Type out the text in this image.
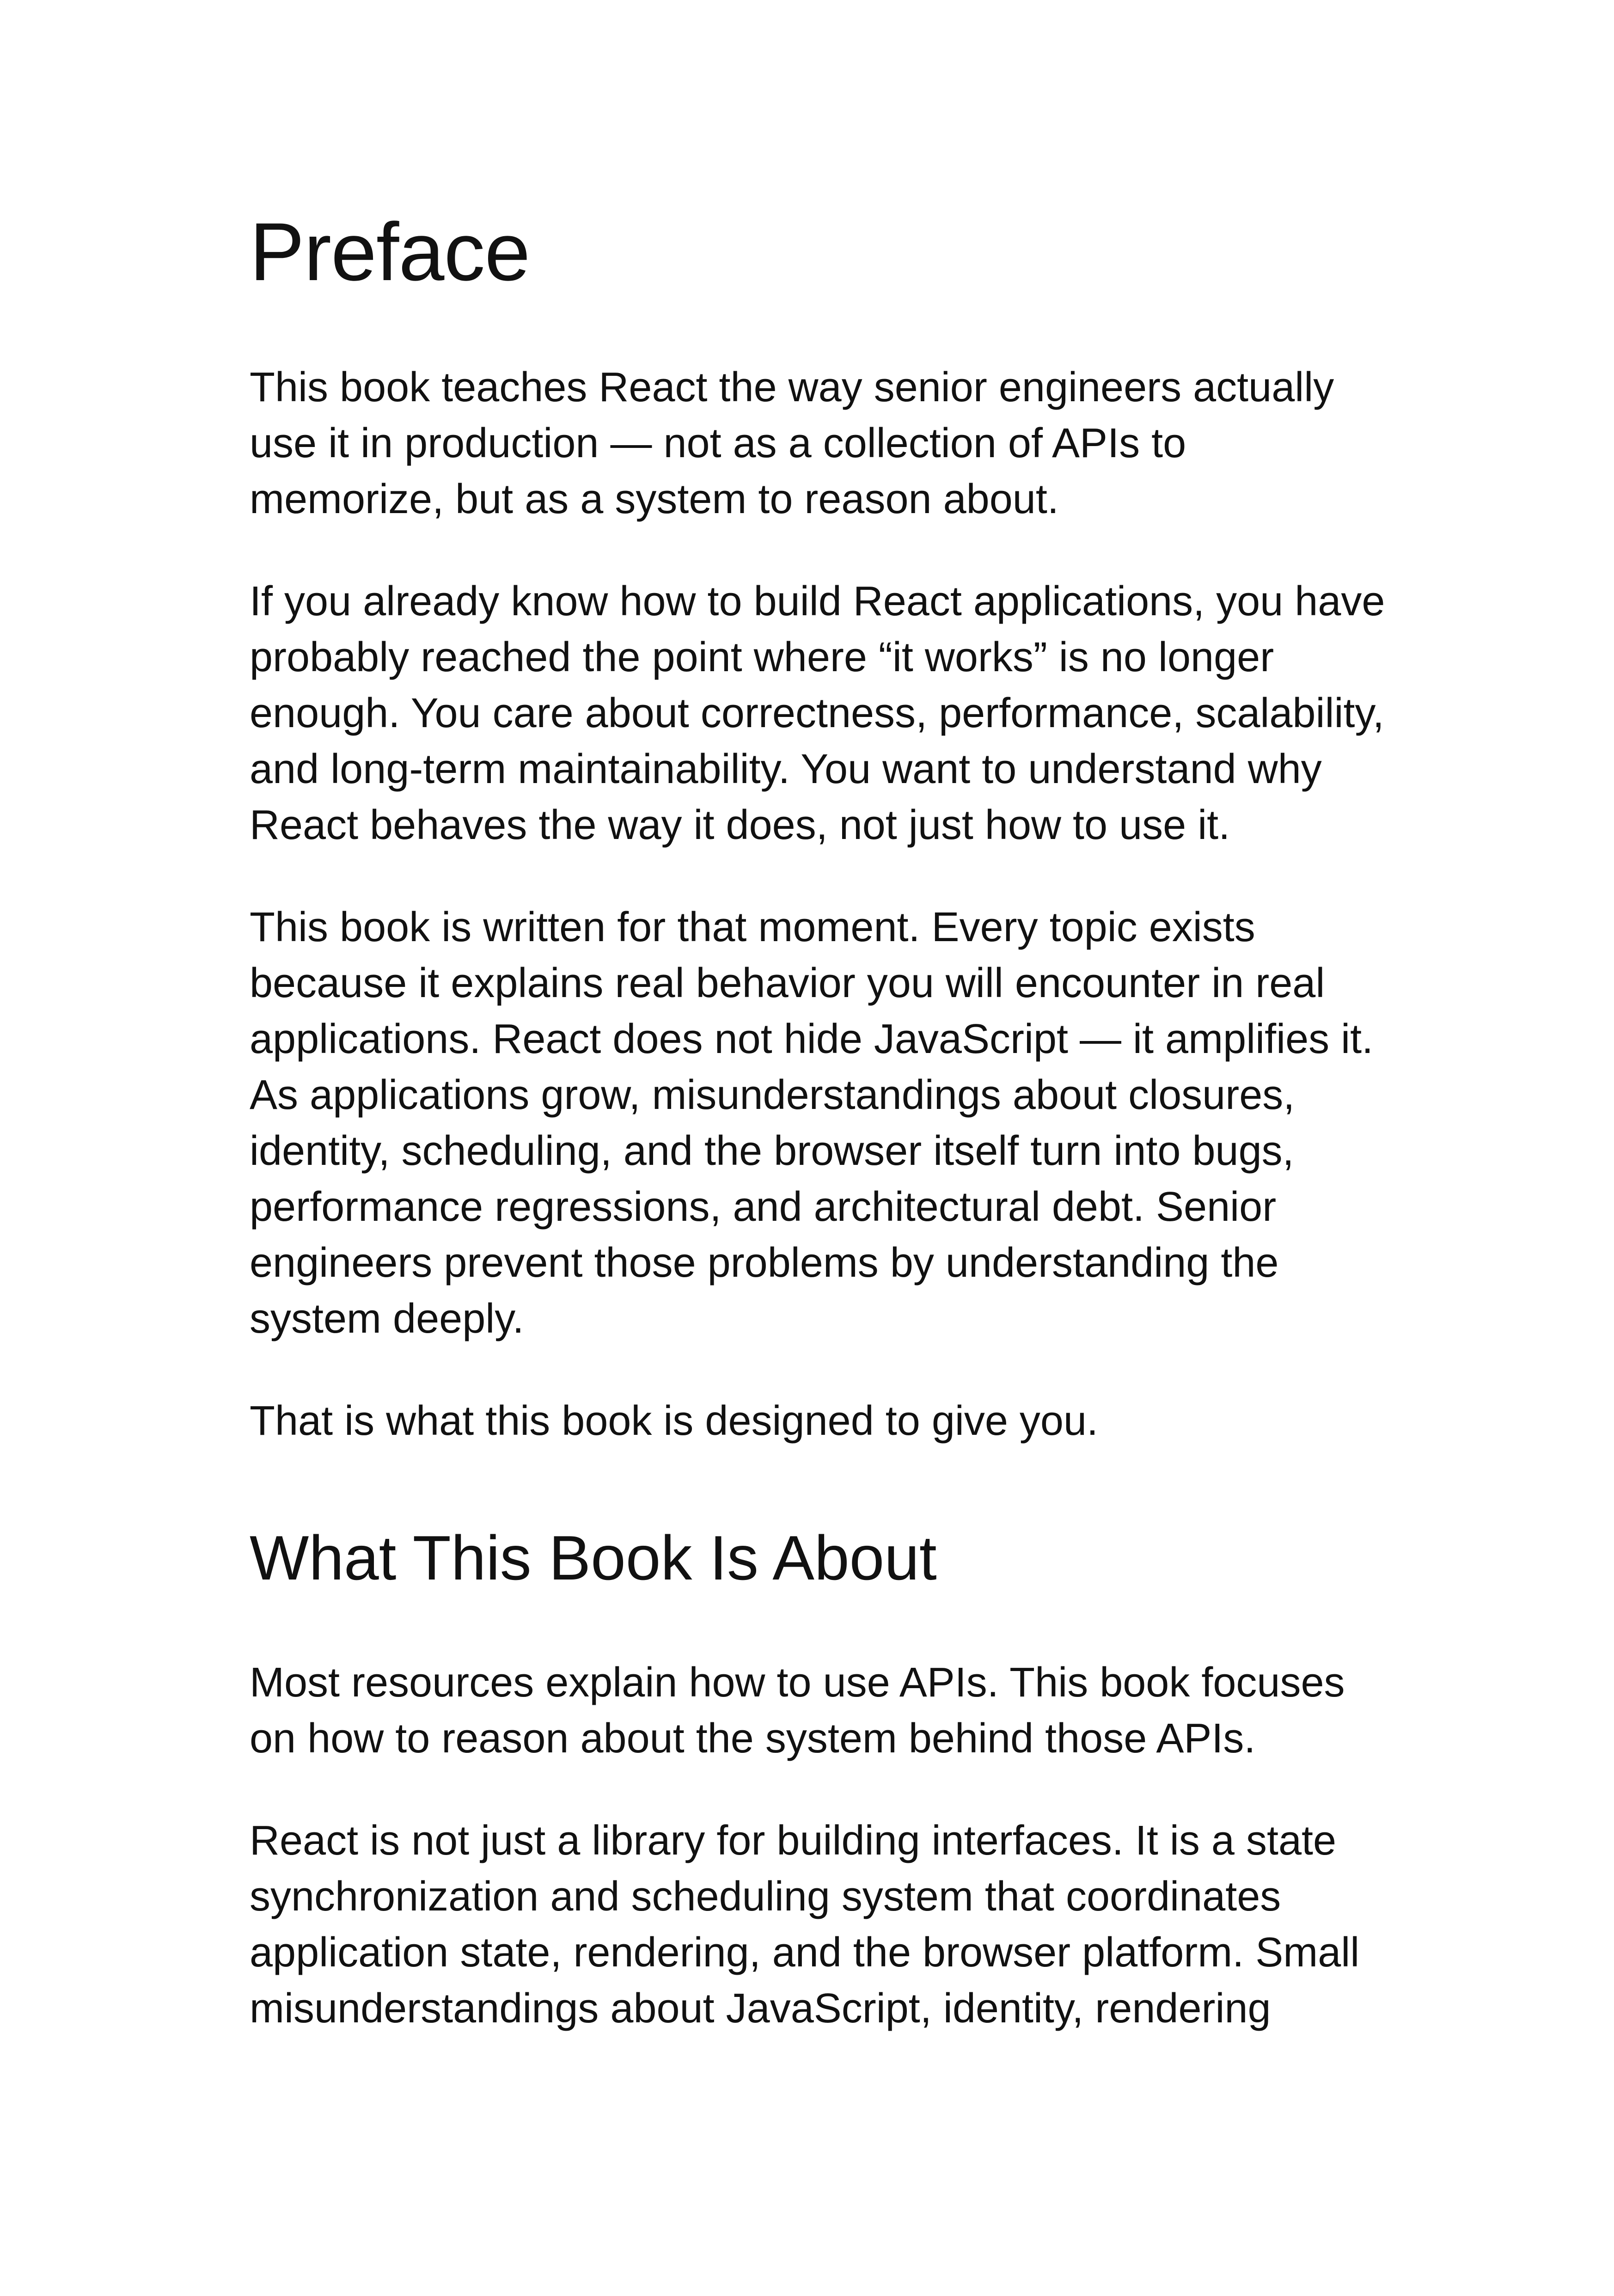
Preface

This book teaches React the way senior engineers actually
use it in production — not as a collection of APIs to
memorize, but as a system to reason about.

If you already know how to build React applications, you have
probably reached the point where “it works” is no longer
enough. You care about correctness, performance, scalability,
and long-term maintainability. You want to understand why
React behaves the way it does, not just how to use it.

This book is written for that moment. Every topic exists
because it explains real behavior you will encounter in real
applications. React does not hide JavaScript — it amplifies it.
As applications grow, misunderstandings about closures,
identity, scheduling, and the browser itself turn into bugs,
performance regressions, and architectural debt. Senior
engineers prevent those problems by understanding the
system deeply.

That is what this book is designed to give you.

What This Book Is About

Most resources explain how to use APIs. This book focuses
on how to reason about the system behind those APIs.

React is not just a library for building interfaces. It is a state
synchronization and scheduling system that coordinates
application state, rendering, and the browser platform. Small
misunderstandings about JavaScript, identity, rendering
